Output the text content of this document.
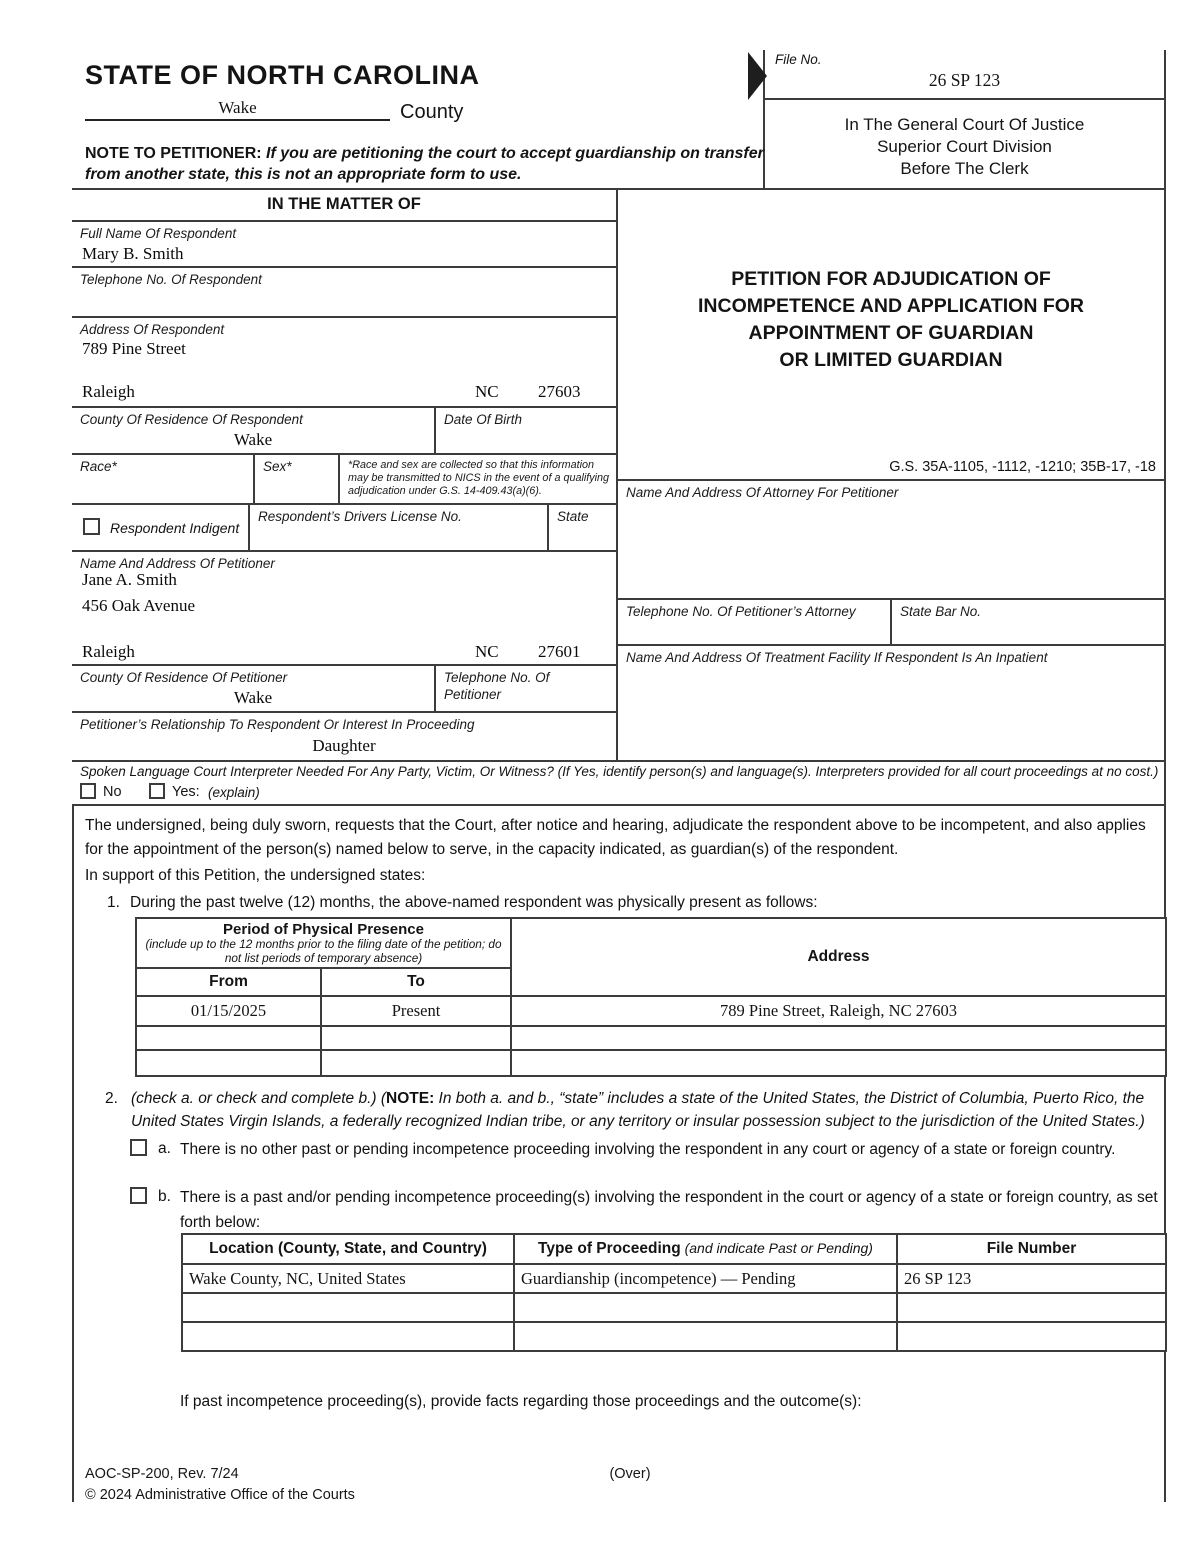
STATE OF NORTH CAROLINA
Wake	County
NOTE TO PETITIONER: If you are petitioning the court to accept guardianship on transfer from another state, this is not an appropriate form to use.
File No.
26 SP 123
In The General Court Of Justice
Superior Court Division
Before The Clerk
IN THE MATTER OF
Full Name Of Respondent
Mary B. Smith
Telephone No. Of Respondent
Address Of Respondent
789 Pine Street
Raleigh	NC 27603
County Of Residence Of Respondent
Wake
Date Of Birth
Race*	Sex*	*Race and sex are collected so that this information may be transmitted to NICS in the event of a qualifying adjudication under G.S. 14-409.43(a)(6).
Respondent Indigent
Respondent’s Drivers License No.	State
Name And Address Of Petitioner
Jane A. Smith
456 Oak Avenue
Raleigh	NC 27601
County Of Residence Of Petitioner
Wake
Telephone No. Of Petitioner
Petitioner’s Relationship To Respondent Or Interest In Proceeding
Daughter
PETITION FOR ADJUDICATION OF
INCOMPETENCE AND APPLICATION FOR
APPOINTMENT OF GUARDIAN
OR LIMITED GUARDIAN
G.S. 35A-1105, -1112, -1210; 35B-17, -18
Name And Address Of Attorney For Petitioner
Telephone No. Of Petitioner’s Attorney	State Bar No.
Name And Address Of Treatment Facility If Respondent Is An Inpatient
Spoken Language Court Interpreter Needed For Any Party, Victim, Or Witness? (If Yes, identify person(s) and language(s). Interpreters provided for all court proceedings at no cost.)
No	Yes: (explain)
The undersigned, being duly sworn, requests that the Court, after notice and hearing, adjudicate the respondent above to be incompetent, and also applies for the appointment of the person(s) named below to serve, in the capacity indicated, as guardian(s) of the respondent.
In support of this Petition, the undersigned states:
1. During the past twelve (12) months, the above-named respondent was physically present as follows:
Period of Physical Presence
(include up to the 12 months prior to the filing date of the petition; do not list periods of temporary absence)		Address
From	To	
01/15/2025	Present	789 Pine Street, Raleigh, NC 27603

2. (check a. or check and complete b.) (NOTE: In both a. and b., “state” includes a state of the United States, the District of Columbia, Puerto Rico, the United States Virgin Islands, a federally recognized Indian tribe, or any territory or insular possession subject to the jurisdiction of the United States.)
a. There is no other past or pending incompetence proceeding involving the respondent in any court or agency of a state or foreign country.
b. There is a past and/or pending incompetence proceeding(s) involving the respondent in the court or agency of a state or foreign country, as set forth below:
Location (County, State, and Country)	Type of Proceeding (and indicate Past or Pending)	File Number
Wake County, NC, United States	Guardianship (incompetence) — Pending	26 SP 123

If past incompetence proceeding(s), provide facts regarding those proceedings and the outcome(s):
AOC-SP-200, Rev. 7/24	(Over)
© 2024 Administrative Office of the Courts
